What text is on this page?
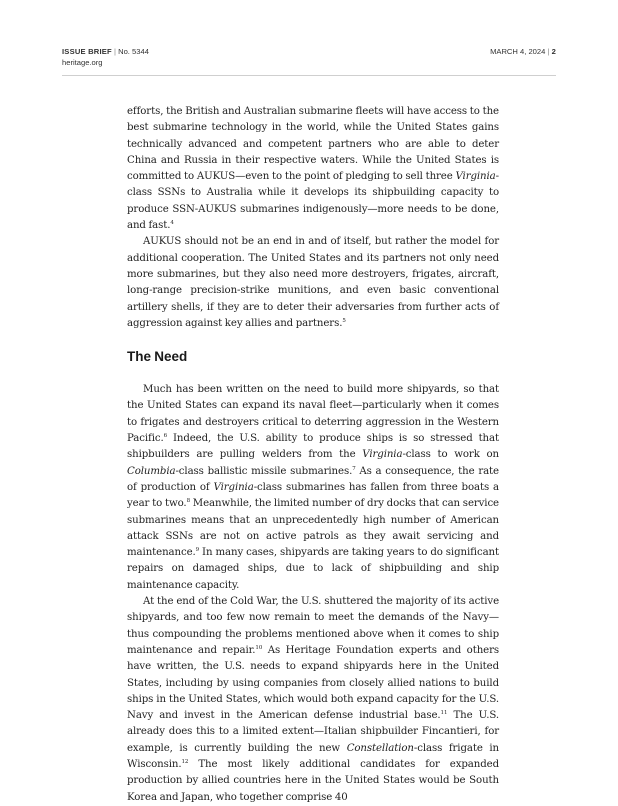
ISSUE BRIEF | No. 5344
heritage.org
MARCH 4, 2024 | 2

efforts, the British and Australian submarine fleets will have access to the best submarine technology in the world, while the United States gains technically advanced and competent partners who are able to deter China and Russia in their respective waters. While the United States is committed to AUKUS—even to the point of pledging to sell three Virginia-class SSNs to Australia while it develops its shipbuilding capacity to produce SSN-AUKUS submarines indigenously—more needs to be done, and fast.$^4$

AUKUS should not be an end in and of itself, but rather the model for additional cooperation. The United States and its partners not only need more submarines, but they also need more destroyers, frigates, aircraft, long-range precision-strike munitions, and even basic conventional artillery shells, if they are to deter their adversaries from further acts of aggression against key allies and partners.$^5$

The Need

Much has been written on the need to build more shipyards, so that the United States can expand its naval fleet—particularly when it comes to frigates and destroyers critical to deterring aggression in the Western Pacific.$^6$ Indeed, the U.S. ability to produce ships is so stressed that shipbuilders are pulling welders from the Virginia-class to work on Columbia-class ballistic missile submarines.$^7$ As a consequence, the rate of production of Virginia-class submarines has fallen from three boats a year to two.$^8$ Meanwhile, the limited number of dry docks that can service submarines means that an unprecedentedly high number of American attack SSNs are not on active patrols as they await servicing and maintenance.$^9$ In many cases, shipyards are taking years to do significant repairs on damaged ships, due to lack of shipbuilding and ship maintenance capacity.

At the end of the Cold War, the U.S. shuttered the majority of its active shipyards, and too few now remain to meet the demands of the Navy—thus compounding the problems mentioned above when it comes to ship maintenance and repair.$^{10}$ As Heritage Foundation experts and others have written, the U.S. needs to expand shipyards here in the United States, including by using companies from closely allied nations to build ships in the United States, which would both expand capacity for the U.S. Navy and invest in the American defense industrial base.$^{11}$ The U.S. already does this to a limited extent—Italian shipbuilder Fincantieri, for example, is currently building the new Constellation-class frigate in Wisconsin.$^{12}$ The most likely additional candidates for expanded production by allied countries here in the United States would be South Korea and Japan, who together comprise 40
